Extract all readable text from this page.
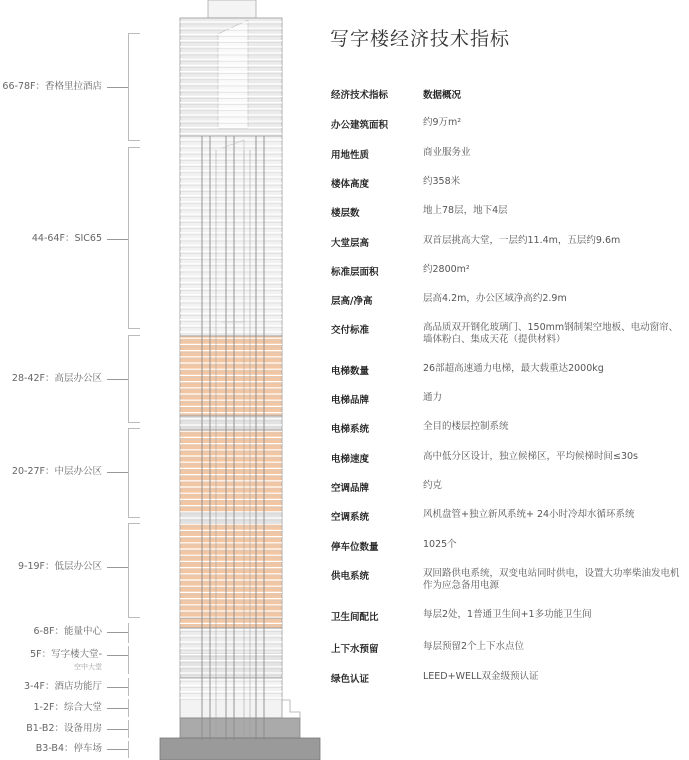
66-78F：香格里拉酒店
44-64F：SIC65
28-42F：高层办公区
20-27F：中层办公区
9-19F：低层办公区
6-8F：能量中心
5F：写字楼大堂-
空中大堂
3-4F：酒店功能厅
1-2F：综合大堂
B1-B2：设备用房
B3-B4：停车场
写字楼经济技术指标
经济技术指标	数据概况
办公建筑面积	约9万m²
用地性质	商业服务业
楼体高度	约358米
楼层数	地上78层，地下4层
大堂层高	双首层挑高大堂，一层约11.4m，五层约9.6m
标准层面积	约2800m²
层高/净高	层高4.2m，办公区域净高约2.9m
交付标准	高品质双开钢化玻璃门、150mm钢制架空地板、电动窗帘、墙体粉白、集成天花（提供材料）
电梯数量	26部超高速通力电梯，最大载重达2000kg
电梯品牌	通力
电梯系统	全目的楼层控制系统
电梯速度	高中低分区设计，独立候梯区，平均候梯时间≤30s
空调品牌	约克
空调系统	风机盘管+独立新风系统+ 24小时冷却水循环系统
停车位数量	1025个
供电系统	双回路供电系统，双变电站同时供电，设置大功率柴油发电机作为应急备用电源
卫生间配比	每层2处，1普通卫生间+1多功能卫生间
上下水预留	每层预留2个上下水点位
绿色认证	LEED+WELL双金级预认证
